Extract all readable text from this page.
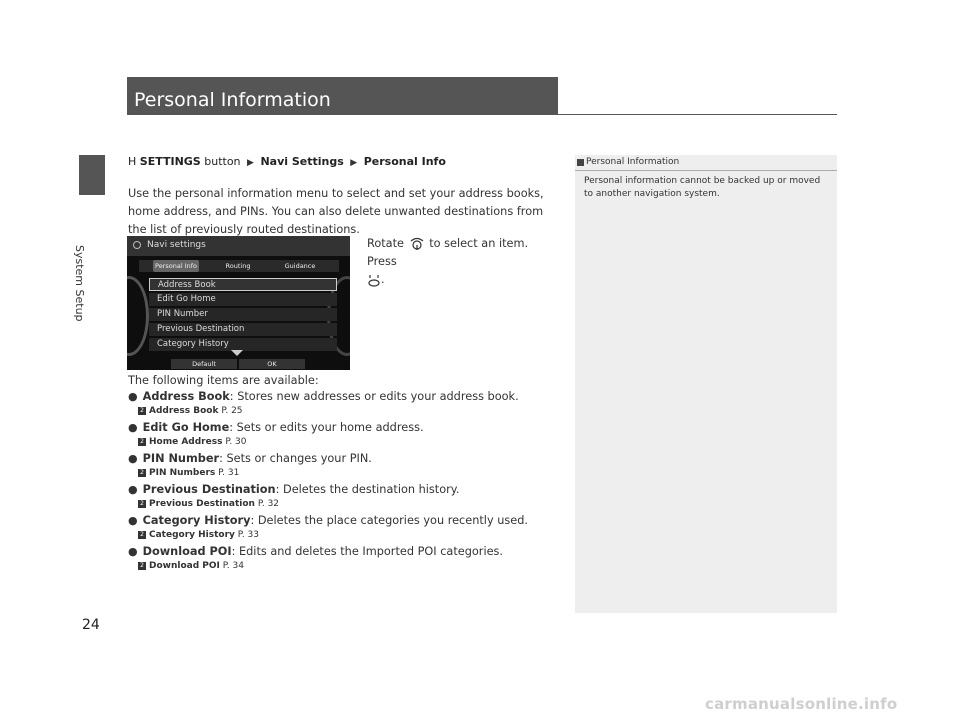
System Setup
24
Personal Information
H SETTINGS button ▶ Navi Settings ▶ Personal Info
Use the personal information menu to select and set your address books, home address, and PINs. You can also delete unwanted destinations from the list of previously routed destinations.
Rotate to select an item. Press
.
Navi settings
Personal Info	Routing	Guidance
Address Book
Edit Go Home
PIN Number
Previous Destination
Category History
Default	OK
The following items are available:
● Address Book: Stores new addresses or edits your address book.
2 Address Book P. 25
● Edit Go Home: Sets or edits your home address.
2 Home Address P. 30
● PIN Number: Sets or changes your PIN.
2 PIN Numbers P. 31
● Previous Destination: Deletes the destination history.
2 Previous Destination P. 32
● Category History: Deletes the place categories you recently used.
2 Category History P. 33
● Download POI: Edits and deletes the Imported POI categories.
2 Download POI P. 34
Personal Information
Personal information cannot be backed up or moved to another navigation system.
carmanualsonline.info
